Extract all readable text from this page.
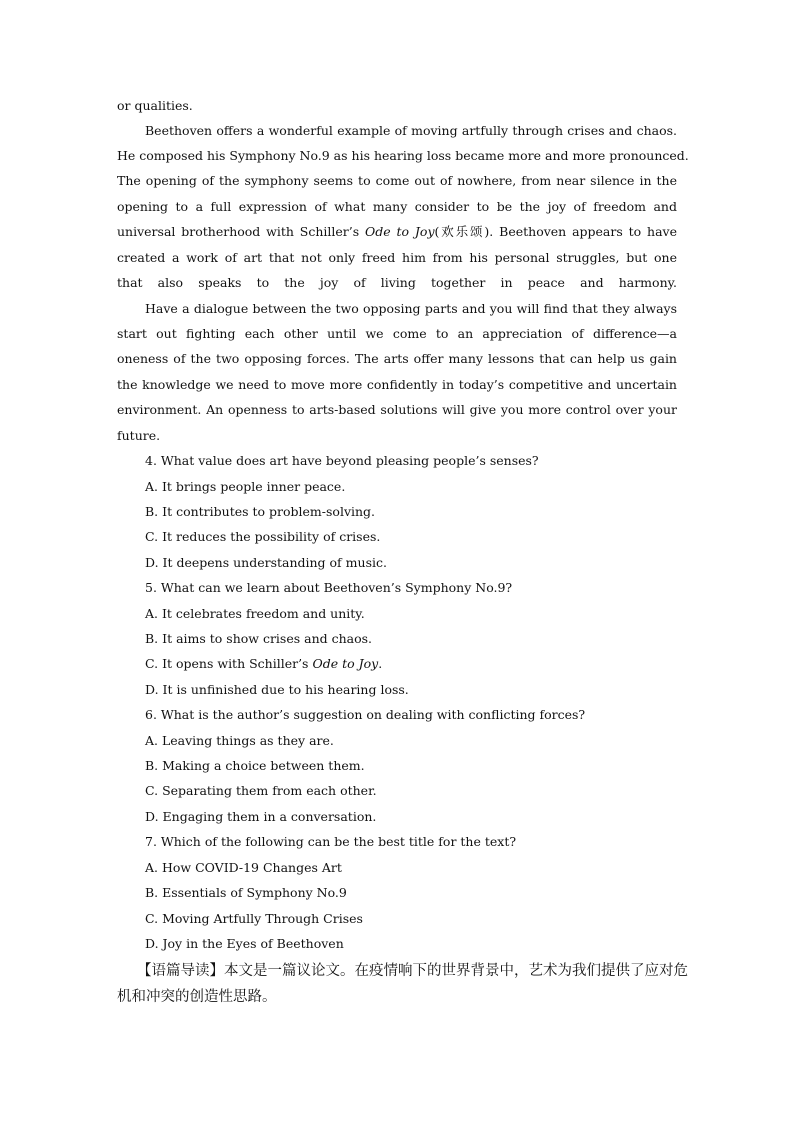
or qualities.
Beethoven offers a wonderful example of moving artfully through crises and chaos.
He composed his Symphony No.9 as his hearing loss became more and more pronounced.
The opening of the symphony seems to come out of nowhere, from near silence in the
opening to a full expression of what many consider to be the joy of freedom and
universal brotherhood with Schiller’s Ode to Joy(欢乐颂). Beethoven appears to have
created a work of art that not only freed him from his personal struggles, but one
that also speaks to the joy of living together in peace and harmony.
Have a dialogue between the two opposing parts and you will find that they always
start out fighting each other until we come to an appreciation of difference—a
oneness of the two opposing forces. The arts offer many lessons that can help us gain
the knowledge we need to move more confidently in today’s competitive and uncertain
environment. An openness to arts-based solutions will give you more control over your
future.
4. What value does art have beyond pleasing people’s senses?
A. It brings people inner peace.
B. It contributes to problem-solving.
C. It reduces the possibility of crises.
D. It deepens understanding of music.
5. What can we learn about Beethoven’s Symphony No.9?
A. It celebrates freedom and unity.
B. It aims to show crises and chaos.
C. It opens with Schiller’s Ode to Joy.
D. It is unfinished due to his hearing loss.
6. What is the author’s suggestion on dealing with conflicting forces?
A. Leaving things as they are.
B. Making a choice between them.
C. Separating them from each other.
D. Engaging them in a conversation.
7. Which of the following can be the best title for the text?
A. How COVID-19 Changes Art
B. Essentials of Symphony No.9
C. Moving Artfully Through Crises
D. Joy in the Eyes of Beethoven
【语篇导读】本文是一篇议论文。在疫情响下的世界背景中，艺术为我们提供了应对危
机和冲突的创造性思路。
